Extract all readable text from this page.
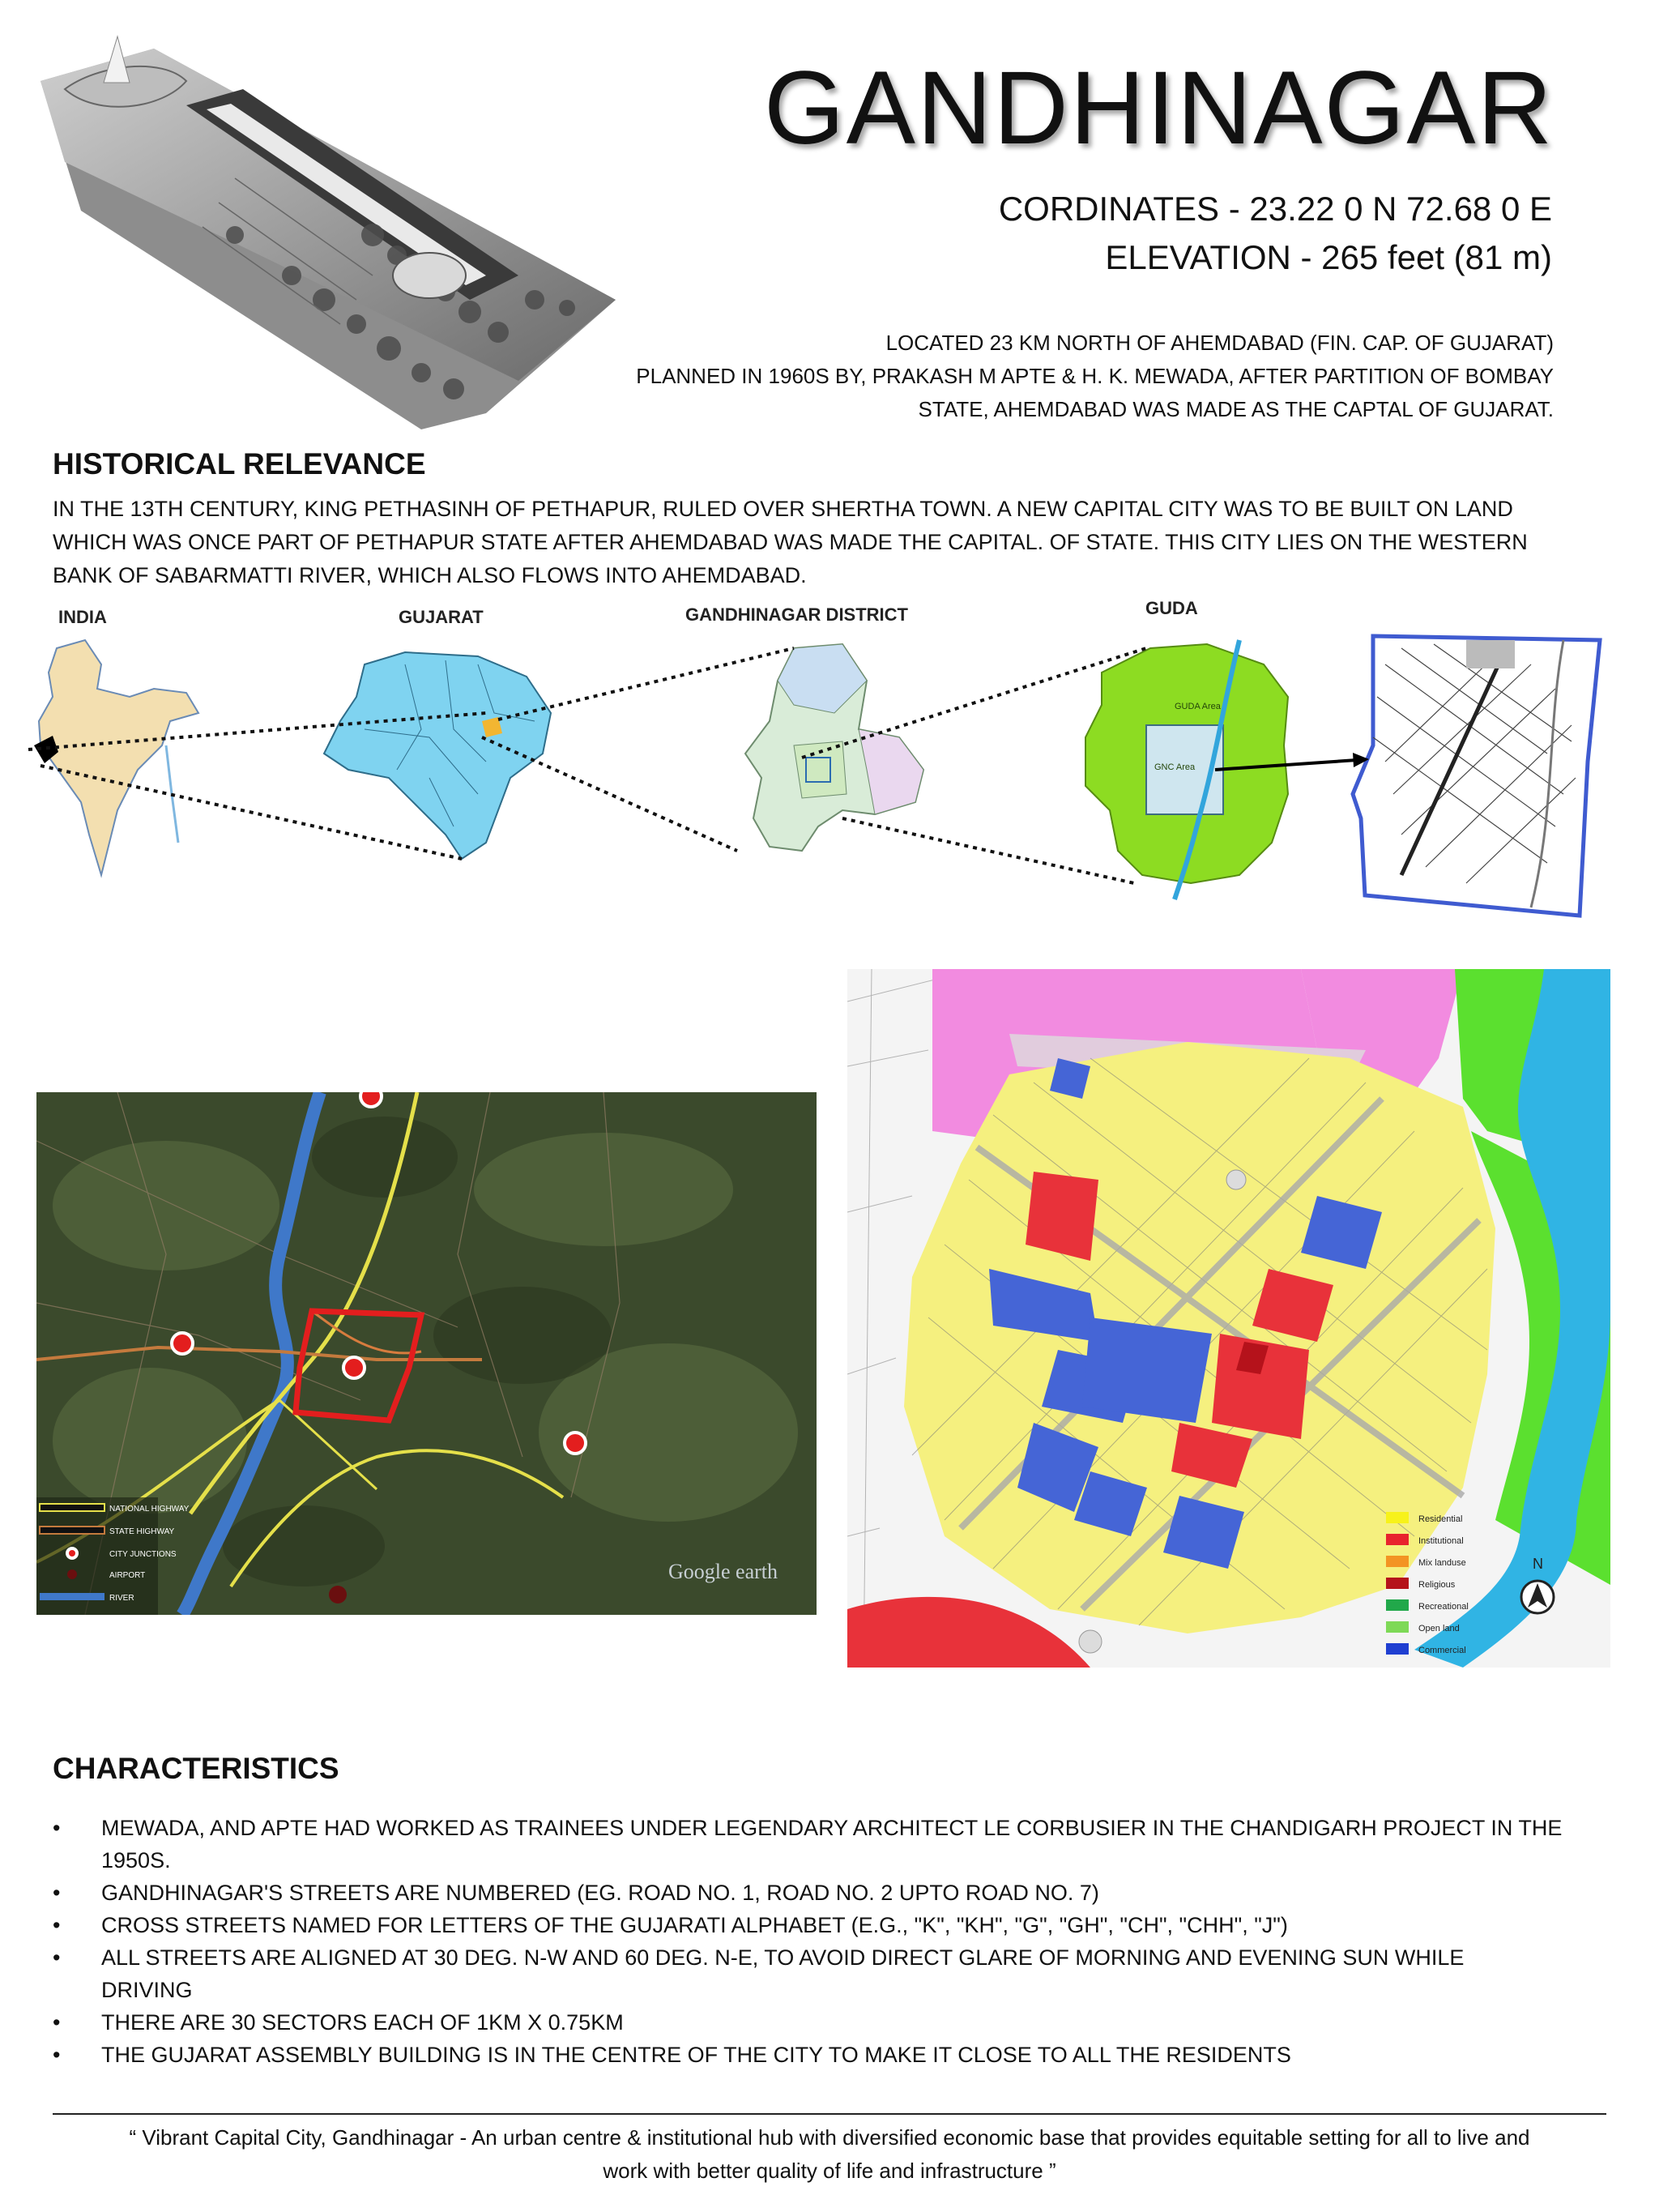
GANDHINAGAR
CORDINATES - 23.22 0 N 72.68 0 E
ELEVATION - 265 feet (81 m)
LOCATED 23 KM NORTH OF AHEMDABAD (FIN. CAP. OF GUJARAT)
PLANNED IN 1960S BY, PRAKASH M APTE & H. K. MEWADA, AFTER PARTITION OF BOMBAY
STATE, AHEMDABAD WAS MADE AS THE CAPTAL OF GUJARAT.
HISTORICAL RELEVANCE
IN THE 13TH CENTURY, KING PETHASINH OF PETHAPUR, RULED OVER SHERTHA TOWN. A NEW CAPITAL CITY WAS TO BE BUILT ON LAND
WHICH WAS ONCE PART OF PETHAPUR STATE AFTER AHEMDABAD WAS MADE THE CAPITAL. OF STATE. THIS CITY LIES ON THE WESTERN
BANK OF SABARMATTI RIVER, WHICH ALSO FLOWS INTO AHEMDABAD.
INDIA	GUJARAT	GANDHINAGAR DISTRICT	GUDA
GUDA Area
GNC Area
NATIONAL HIGHWAY
STATE HIGHWAY
CITY JUNCTIONS
AIRPORT
RIVER
Google earth
Residential
Institutional
Mix landuse
Religious
Recreational
Open land
Commercial
N
CHARACTERISTICS
• MEWADA, AND APTE HAD WORKED AS TRAINEES UNDER LEGENDARY ARCHITECT LE CORBUSIER IN THE CHANDIGARH PROJECT IN THE
1950S.
• GANDHINAGAR'S STREETS ARE NUMBERED (EG. ROAD NO. 1, ROAD NO. 2 UPTO ROAD NO. 7)
• CROSS STREETS NAMED FOR LETTERS OF THE GUJARATI ALPHABET (E.G., "K", "KH", "G", "GH", "CH", "CHH", "J")
• ALL STREETS ARE ALIGNED AT 30 DEG. N-W AND 60 DEG. N-E, TO AVOID DIRECT GLARE OF MORNING AND EVENING SUN WHILE
DRIVING
• THERE ARE 30 SECTORS EACH OF 1KM X 0.75KM
• THE GUJARAT ASSEMBLY BUILDING IS IN THE CENTRE OF THE CITY TO MAKE IT CLOSE TO ALL THE RESIDENTS
“ Vibrant Capital City, Gandhinagar - An urban centre & institutional hub with diversified economic base that provides equitable setting for all to live and
work with better quality of life and infrastructure ”
